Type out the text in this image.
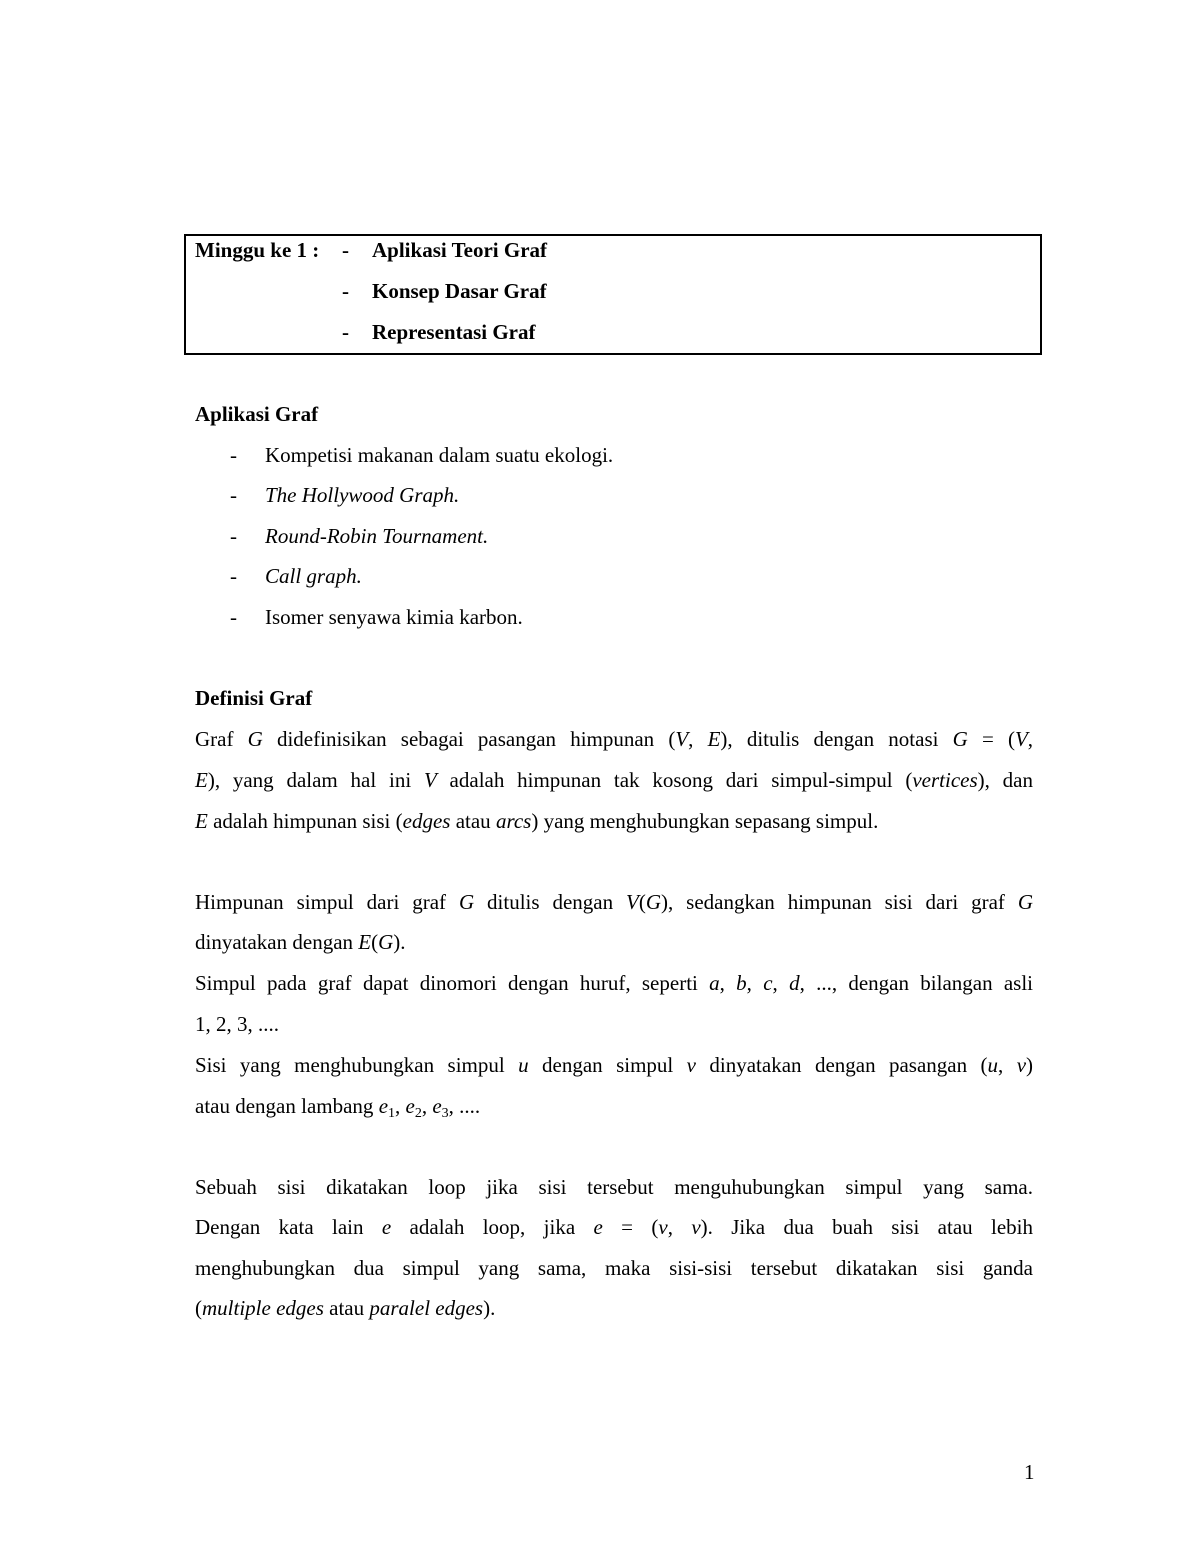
Minggu ke 1 : - Aplikasi Teori Graf
- Konsep Dasar Graf
- Representasi Graf
Aplikasi Graf
- Kompetisi makanan dalam suatu ekologi.
- The Hollywood Graph.
- Round-Robin Tournament.
- Call graph.
- Isomer senyawa kimia karbon.
Definisi Graf
Graf G didefinisikan sebagai pasangan himpunan (V, E), ditulis dengan notasi G = (V,
E), yang dalam hal ini V adalah himpunan tak kosong dari simpul-simpul (vertices), dan
E adalah himpunan sisi (edges atau arcs) yang menghubungkan sepasang simpul.
Himpunan simpul dari graf G ditulis dengan V(G), sedangkan himpunan sisi dari graf G
dinyatakan dengan E(G).
Simpul pada graf dapat dinomori dengan huruf, seperti a, b, c, d, ..., dengan bilangan asli
1, 2, 3, ....
Sisi yang menghubungkan simpul u dengan simpul v dinyatakan dengan pasangan (u, v)
atau dengan lambang $e_1$, $e_2$, $e_3$, ....
Sebuah sisi dikatakan loop jika sisi tersebut menguhubungkan simpul yang sama.
Dengan kata lain e adalah loop, jika e = (v, v). Jika dua buah sisi atau lebih
menghubungkan dua simpul yang sama, maka sisi-sisi tersebut dikatakan sisi ganda
(multiple edges atau paralel edges).
1
